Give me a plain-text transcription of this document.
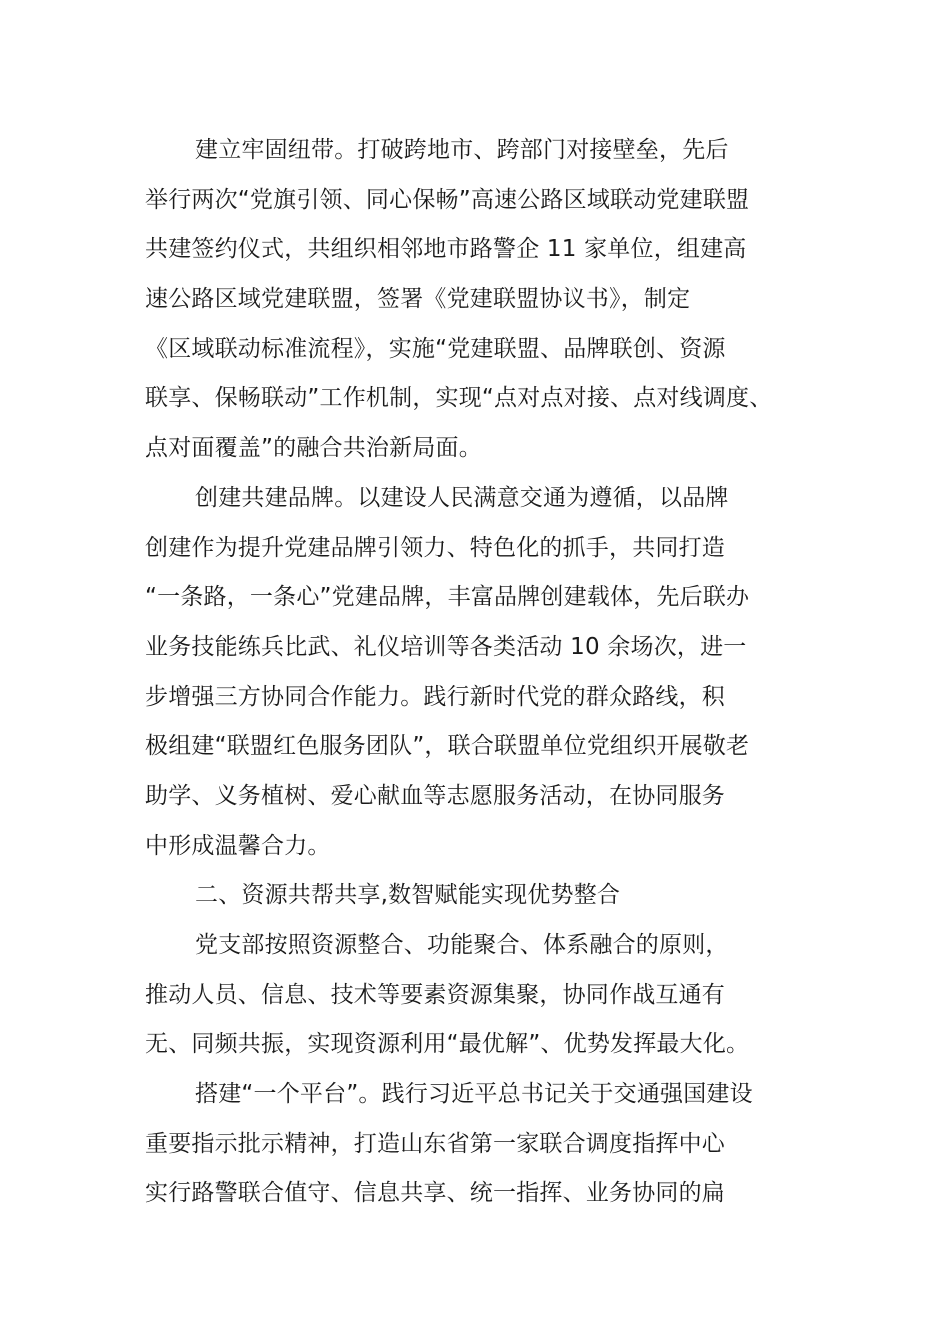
建立牢固纽带。打破跨地市、跨部门对接壁垒，先后
举行两次“党旗引领、同心保畅”高速公路区域联动党建联盟
共建签约仪式，共组织相邻地市路警企 11 家单位，组建高
速公路区域党建联盟，签署《党建联盟协议书》，制定
《区域联动标准流程》，实施“党建联盟、品牌联创、资源
联享、保畅联动”工作机制，实现“点对点对接、点对线调度、
点对面覆盖”的融合共治新局面。
创建共建品牌。以建设人民满意交通为遵循，以品牌
创建作为提升党建品牌引领力、特色化的抓手，共同打造
“一条路，一条心”党建品牌，丰富品牌创建载体，先后联办
业务技能练兵比武、礼仪培训等各类活动 10 余场次，进一
步增强三方协同合作能力。践行新时代党的群众路线，积
极组建“联盟红色服务团队”，联合联盟单位党组织开展敬老
助学、义务植树、爱心献血等志愿服务活动，在协同服务
中形成温馨合力。
二、资源共帮共享,数智赋能实现优势整合
党支部按照资源整合、功能聚合、体系融合的原则，
推动人员、信息、技术等要素资源集聚，协同作战互通有
无、同频共振，实现资源利用“最优解”、优势发挥最大化。
搭建“一个平台”。践行习近平总书记关于交通强国建设
重要指示批示精神，打造山东省第一家联合调度指挥中心
实行路警联合值守、信息共享、统一指挥、业务协同的扁
